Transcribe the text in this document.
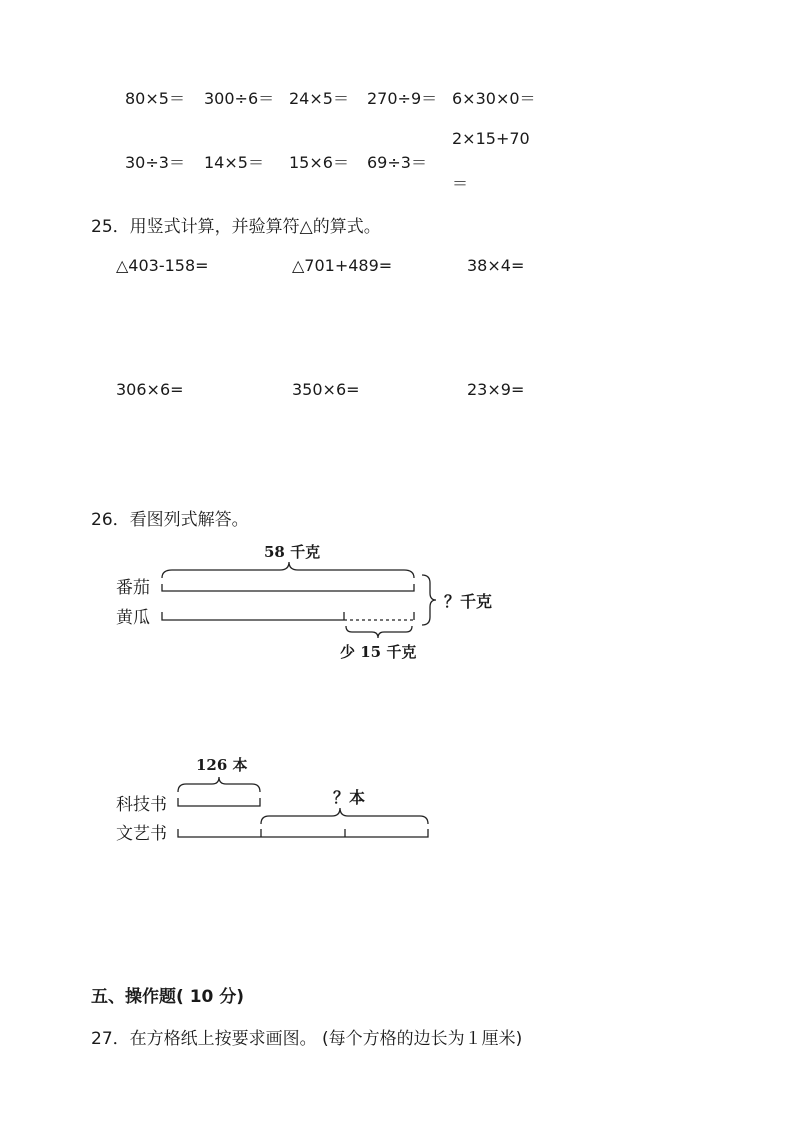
80×5＝ 300÷6＝ 24×5＝ 270÷9＝ 6×30×0＝
30÷3＝ 14×5＝ 15×6＝ 69÷3＝
2×15+70
＝
25．用竖式计算，并验算符△的算式。
△403-158=	△701+489=	38×4=
306×6=	350×6=	23×9=
26．看图列式解答。
58 千克
番茄
黄瓜
？千克
少 15 千克
126 本
科技书
文艺书
？本
五、操作题( 10 分)
27．在方格纸上按要求画图。 (每个方格的边长为１厘米)
